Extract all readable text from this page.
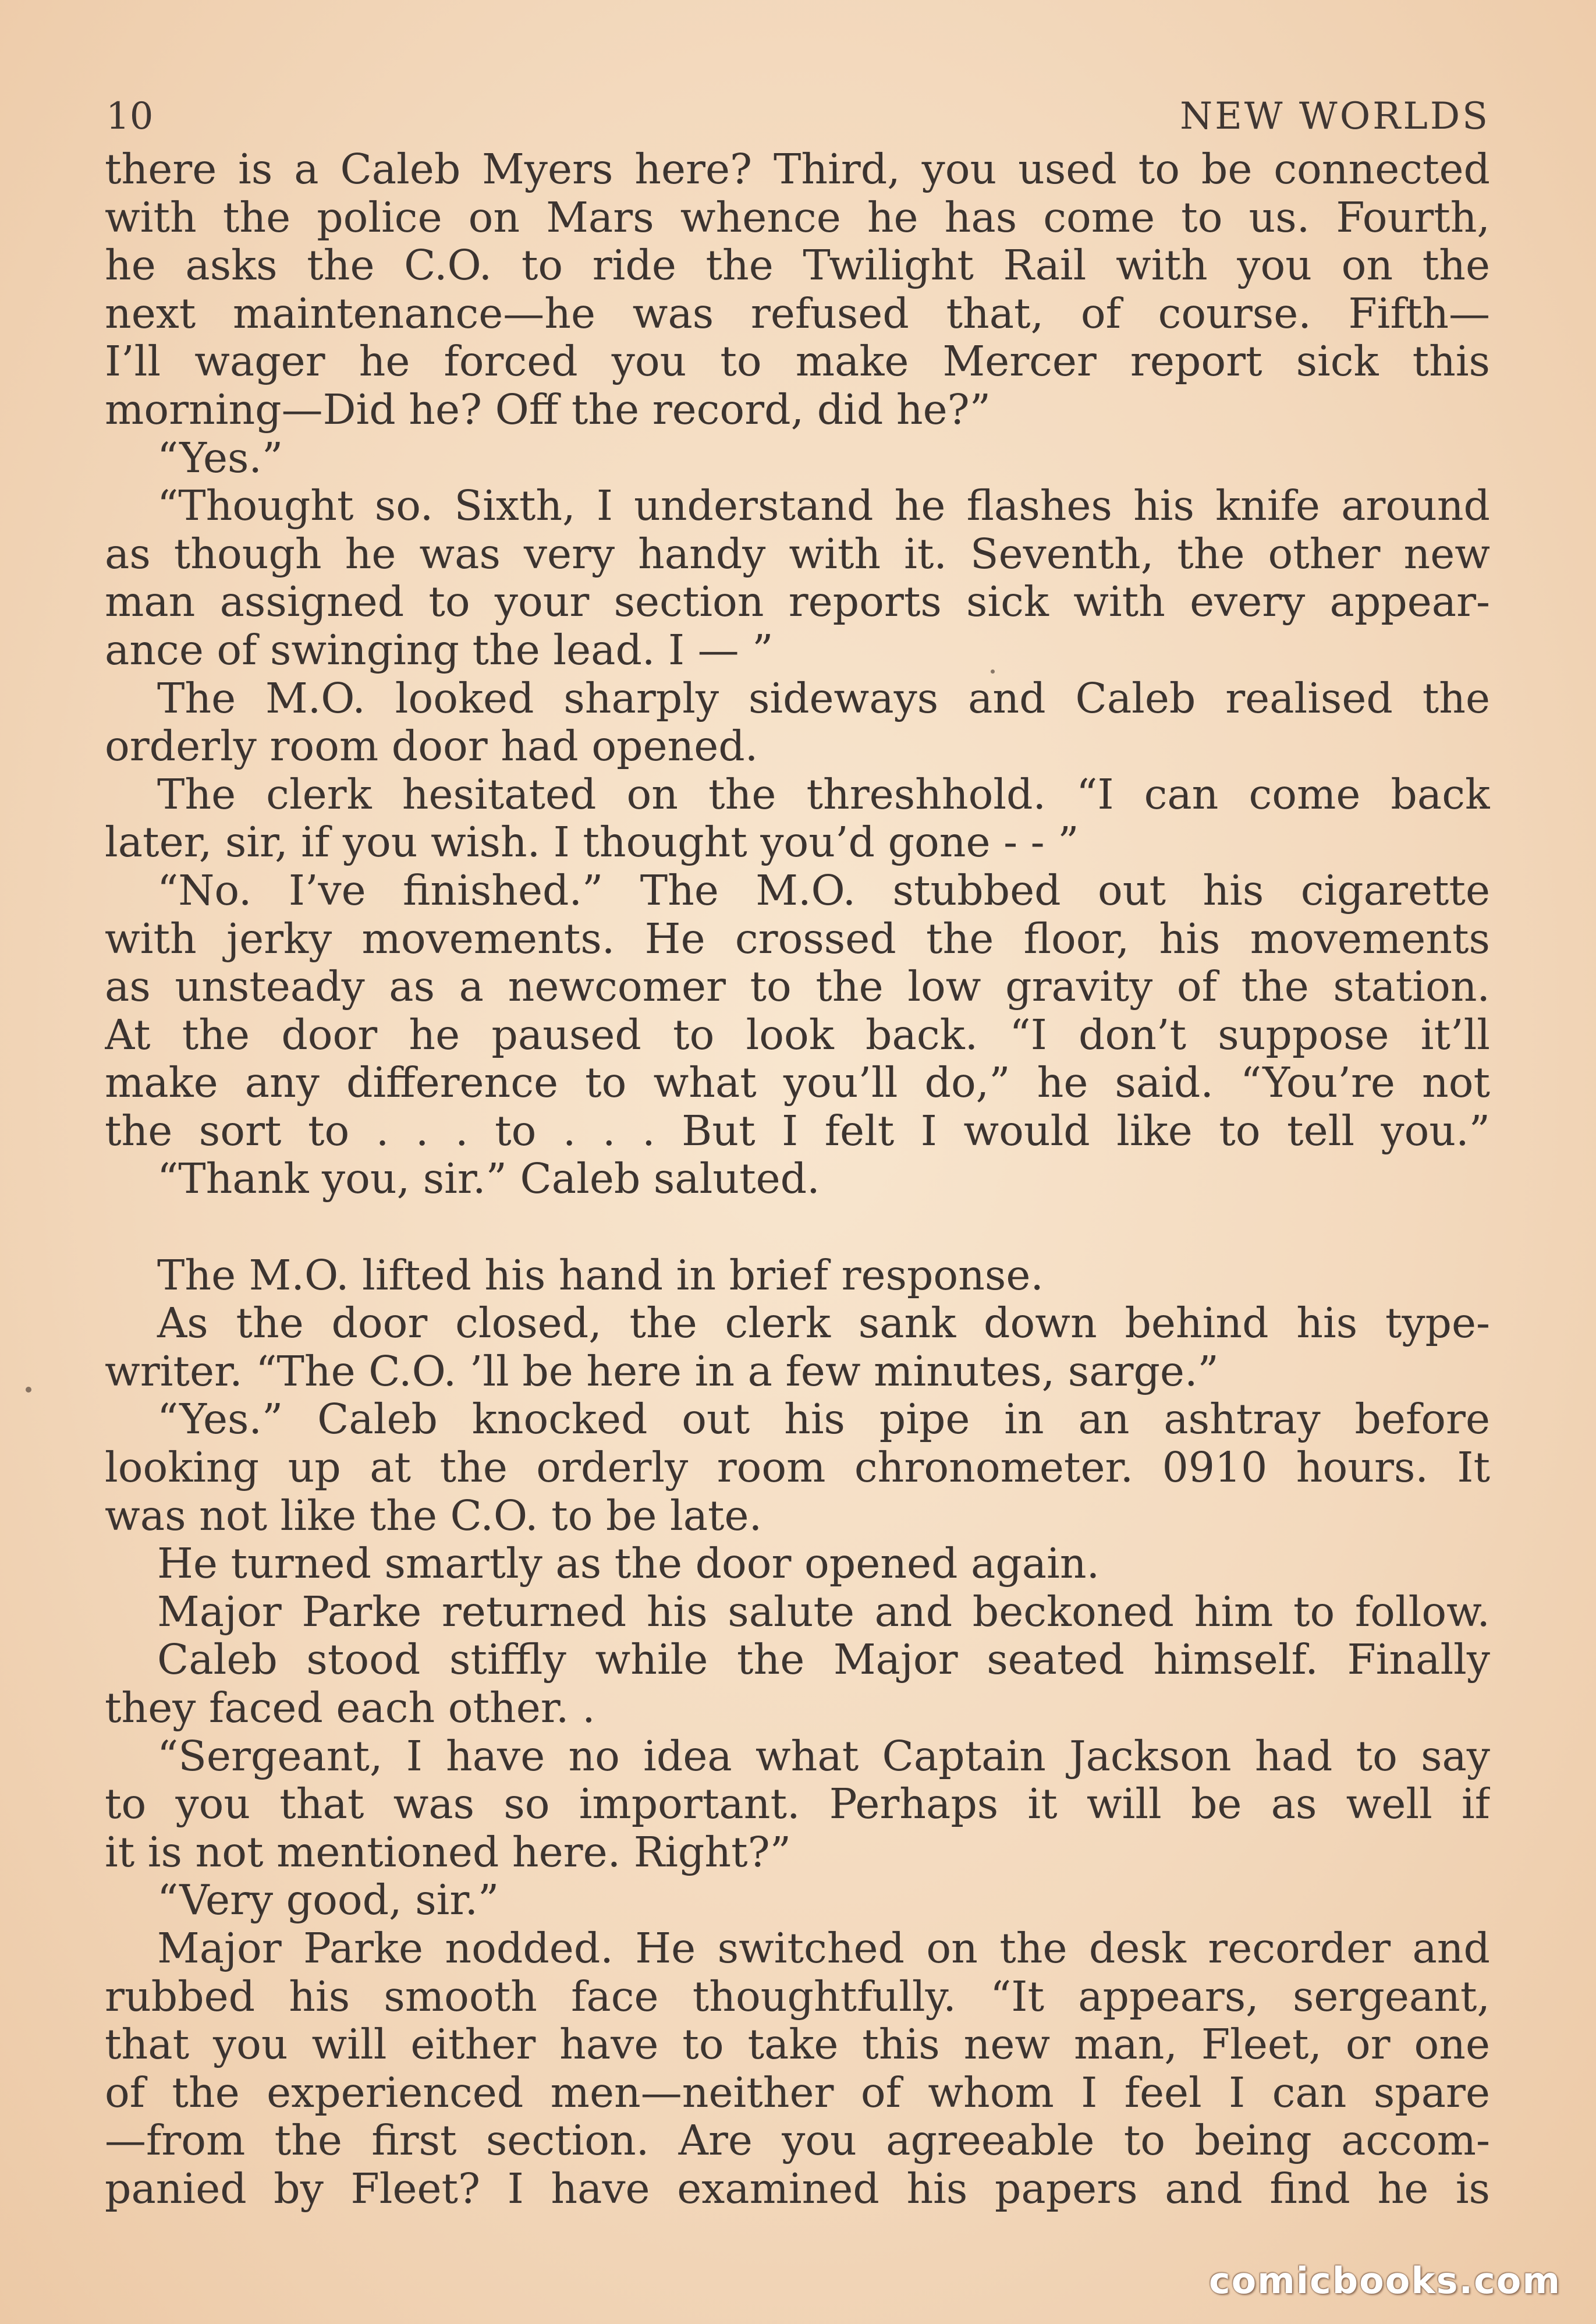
10	NEW WORLDS
there is a Caleb Myers here? Third, you used to be connected
with the police on Mars whence he has come to us. Fourth,
he asks the C.O. to ride the Twilight Rail with you on the
next maintenance—he was refused that, of course. Fifth—
I’ll wager he forced you to make Mercer report sick this
morning—Did he? Off the record, did he?”
“Yes.”
“Thought so. Sixth, I understand he flashes his knife around
as though he was very handy with it. Seventh, the other new
man assigned to your section reports sick with every appear-
ance of swinging the lead. I — ”
The M.O. looked sharply sideways and Caleb realised the
orderly room door had opened.
The clerk hesitated on the threshhold. “I can come back
later, sir, if you wish. I thought you’d gone - - ”
“No. I’ve finished.” The M.O. stubbed out his cigarette
with jerky movements. He crossed the floor, his movements
as unsteady as a newcomer to the low gravity of the station.
At the door he paused to look back. “I don’t suppose it’ll
make any difference to what you’ll do,” he said. “You’re not
the sort to . . . to . . . But I felt I would like to tell you.”
“Thank you, sir.” Caleb saluted.
The M.O. lifted his hand in brief response.
As the door closed, the clerk sank down behind his type-
writer. “The C.O. ’ll be here in a few minutes, sarge.”
“Yes.” Caleb knocked out his pipe in an ashtray before
looking up at the orderly room chronometer. 0910 hours. It
was not like the C.O. to be late.
He turned smartly as the door opened again.
Major Parke returned his salute and beckoned him to follow.
Caleb stood stiffly while the Major seated himself. Finally
they faced each other. .
“Sergeant, I have no idea what Captain Jackson had to say
to you that was so important. Perhaps it will be as well if
it is not mentioned here. Right?”
“Very good, sir.”
Major Parke nodded. He switched on the desk recorder and
rubbed his smooth face thoughtfully. “It appears, sergeant,
that you will either have to take this new man, Fleet, or one
of the experienced men—neither of whom I feel I can spare
—from the first section. Are you agreeable to being accom-
panied by Fleet? I have examined his papers and find he is
comicbooks.com
